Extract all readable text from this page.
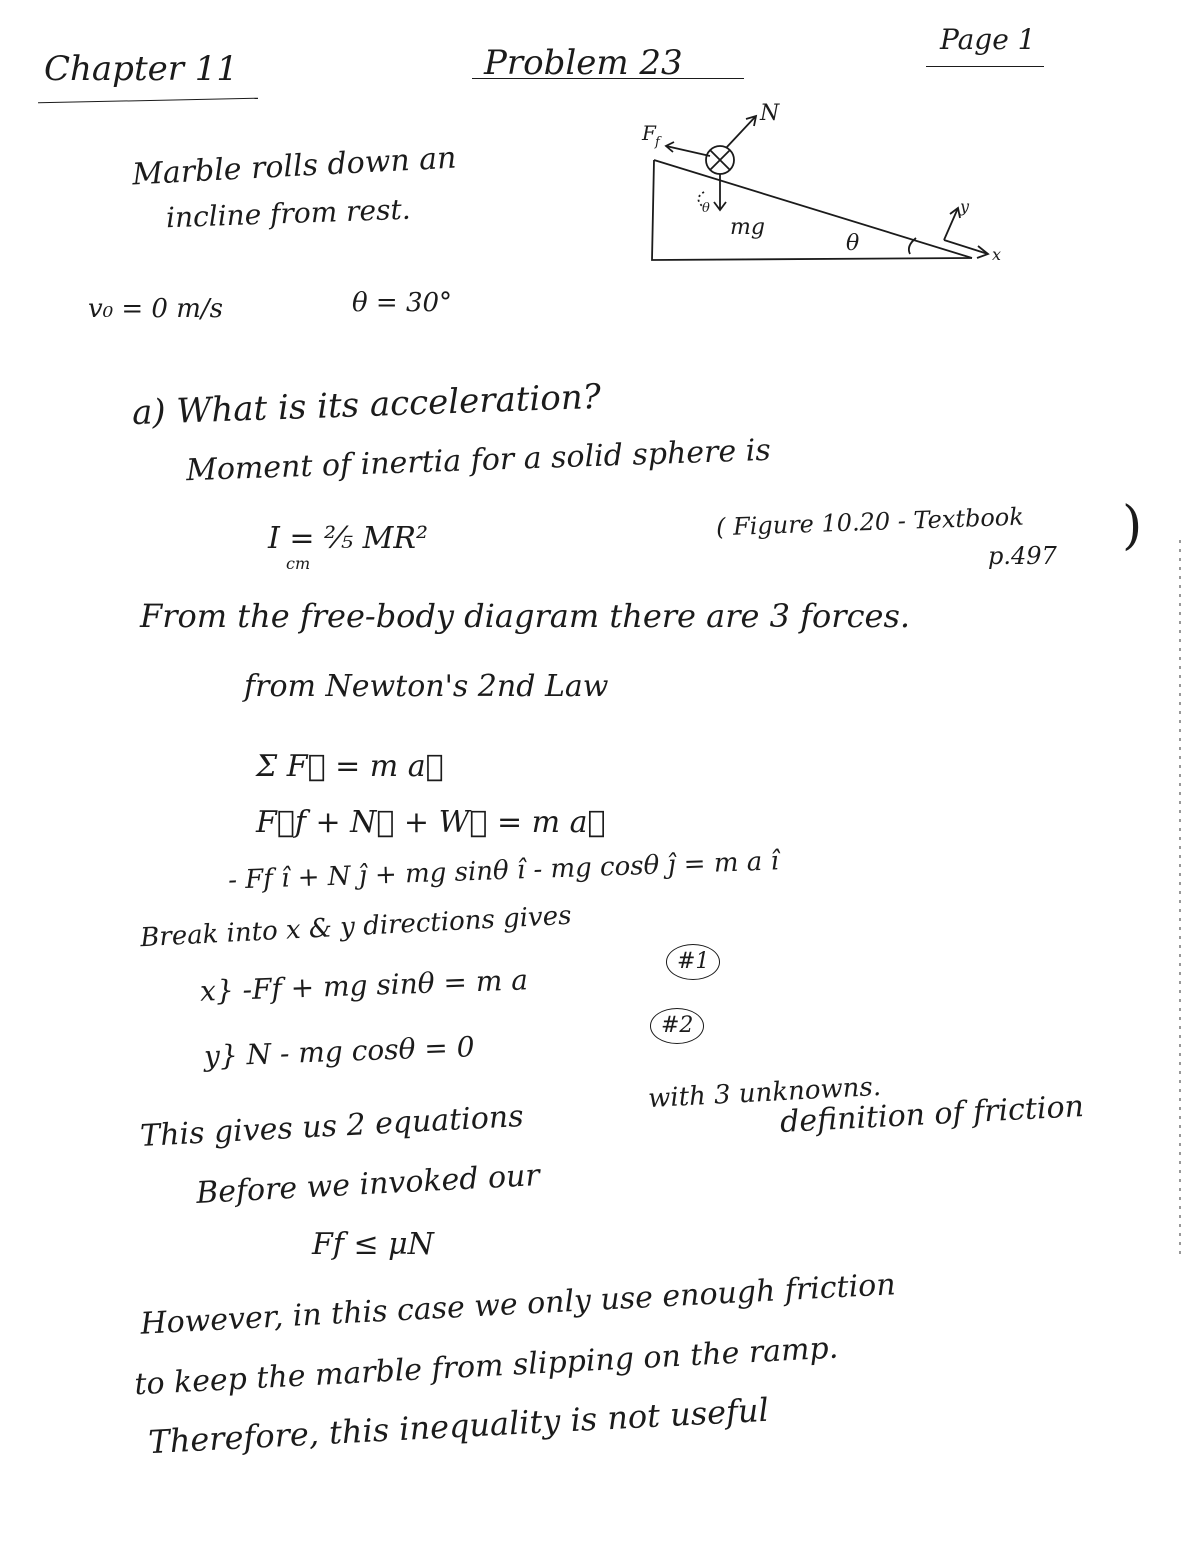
Chapter 11	Problem 23
Page 1
Marble rolls down an
incline from rest.
v₀ = 0 m/s	θ = 30°
F f
N
mg
θ
θ	x
y
a) What is its acceleration?
Moment of inertia for a solid sphere is
I = ⅖ MR²
cm
( Figure 10.20 - Textbook )
p.497
From the free-body diagram there are 3 forces.
from Newton's 2nd Law
Σ F⃗ = m a⃗
F⃗f + N⃗ + W⃗ = m a⃗
- Ff î + N ĵ + mg sinθ î - mg cosθ ĵ = m a î
Break into x & y directions gives
x} -Ff + mg sinθ = m a
#1
y} N - mg cosθ = 0
#2
with 3 unknowns.
This gives us 2 equations	definition of friction
Before we invoked our
Ff ≤ μN
However, in this case we only use enough friction
to keep the marble from slipping on the ramp.
Therefore, this inequality is not useful
